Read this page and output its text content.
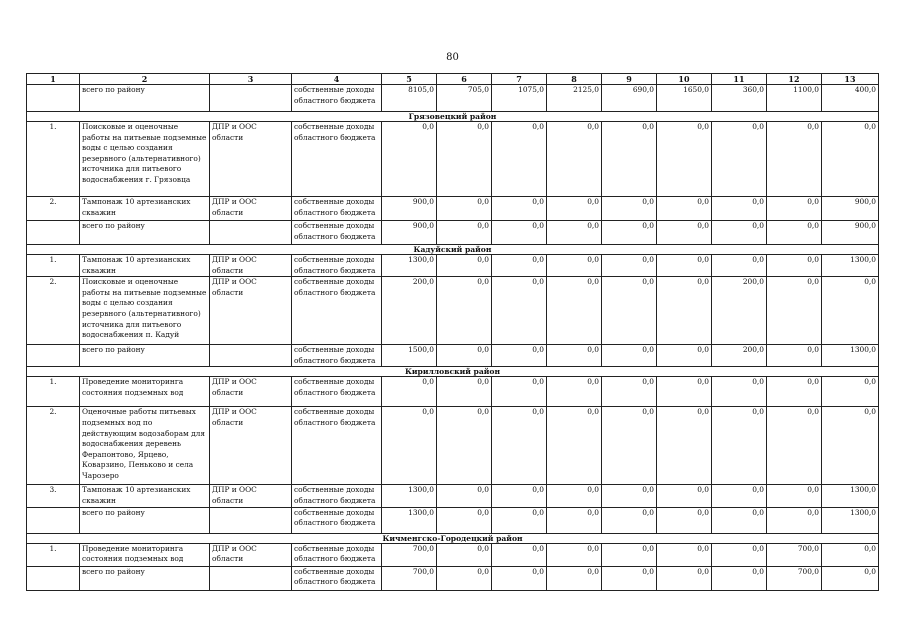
80
1	2	3	4	5	6	7	8	9	10	11	12	13
	всего по району		собственные доходы областного бюджета	8105,0	705,0	1075,0	2125,0	690,0	1650,0	360,0	1100,0	400,0
Грязовецкий район												
1.	Поисковые и оценочные работы на питьевые подземные воды с целью создания резервного (альтернативного) источника для питьевого водоснабжения г. Грязовца	ДПР и ООС области	собственные доходы областного бюджета	0,0	0,0	0,0	0,0	0,0	0,0	0,0	0,0	0,0
2.	Тампонаж 10 артезианских скважин	ДПР и ООС области	собственные доходы областного бюджета	900,0	0,0	0,0	0,0	0,0	0,0	0,0	0,0	900,0
	всего по району		собственные доходы областного бюджета	900,0	0,0	0,0	0,0	0,0	0,0	0,0	0,0	900,0
Кадуйский район												
1.	Тампонаж 10 артезианских скважин	ДПР и ООС области	собственные доходы областного бюджета	1300,0	0,0	0,0	0,0	0,0	0,0	0,0	0,0	1300,0
2.	Поисковые и оценочные работы на питьевые подземные воды с целью создания резервного (альтернативного) источника для питьевого водоснабжения п. Кадуй	ДПР и ООС области	собственные доходы областного бюджета	200,0	0,0	0,0	0,0	0,0	0,0	200,0	0,0	0,0
	всего по району		собственные доходы областного бюджета	1500,0	0,0	0,0	0,0	0,0	0,0	200,0	0,0	1300,0
Кирилловский район												
1.	Проведение мониторинга состояния подземных вод	ДПР и ООС области	собственные доходы областного бюджета	0,0	0,0	0,0	0,0	0,0	0,0	0,0	0,0	0,0
2.	Оценочные работы питьевых подземных вод по действующим водозаборам для водоснабжения деревень Ферапонтово, Ярцево, Коварзино, Пеньково и села Чарозеро	ДПР и ООС области	собственные доходы областного бюджета	0,0	0,0	0,0	0,0	0,0	0,0	0,0	0,0	0,0
3.	Тампонаж 10 артезианских скважин	ДПР и ООС области	собственные доходы областного бюджета	1300,0	0,0	0,0	0,0	0,0	0,0	0,0	0,0	1300,0
	всего по району		собственные доходы областного бюджета	1300,0	0,0	0,0	0,0	0,0	0,0	0,0	0,0	1300,0
Кичменгско-Городецкий район												
1.	Проведение мониторинга состояния подземных вод	ДПР и ООС области	собственные доходы областного бюджета	700,0	0,0	0,0	0,0	0,0	0,0	0,0	700,0	0,0
	всего по району		собственные доходы областного бюджета	700,0	0,0	0,0	0,0	0,0	0,0	0,0	700,0	0,0
